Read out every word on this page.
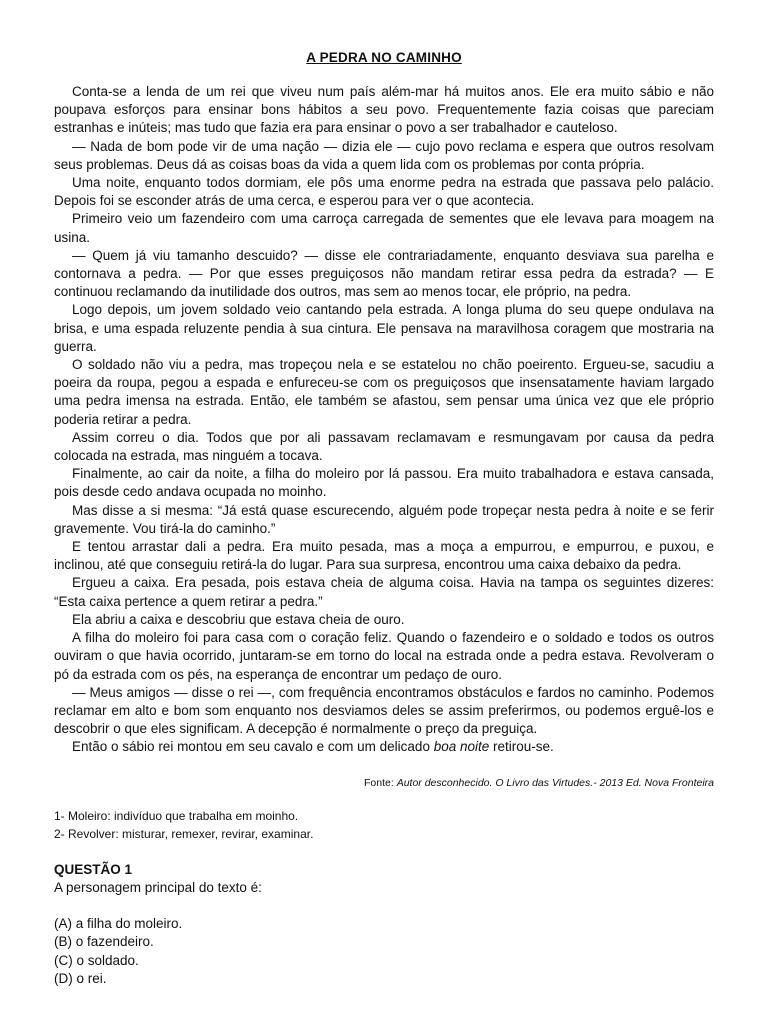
A PEDRA NO CAMINHO

Conta-se a lenda de um rei que viveu num país além-mar há muitos anos. Ele era muito sábio e não poupava esforços para ensinar bons hábitos a seu povo. Frequentemente fazia coisas que pareciam estranhas e inúteis; mas tudo que fazia era para ensinar o povo a ser trabalhador e cauteloso.

— Nada de bom pode vir de uma nação — dizia ele — cujo povo reclama e espera que outros resolvam seus problemas. Deus dá as coisas boas da vida a quem lida com os problemas por conta própria.

Uma noite, enquanto todos dormiam, ele pôs uma enorme pedra na estrada que passava pelo palácio. Depois foi se esconder atrás de uma cerca, e esperou para ver o que acontecia.

Primeiro veio um fazendeiro com uma carroça carregada de sementes que ele levava para moagem na usina.

— Quem já viu tamanho descuido? — disse ele contrariadamente, enquanto desviava sua parelha e contornava a pedra. — Por que esses preguiçosos não mandam retirar essa pedra da estrada? — E continuou reclamando da inutilidade dos outros, mas sem ao menos tocar, ele próprio, na pedra.

Logo depois, um jovem soldado veio cantando pela estrada. A longa pluma do seu quepe ondulava na brisa, e uma espada reluzente pendia à sua cintura. Ele pensava na maravilhosa coragem que mostraria na guerra.

O soldado não viu a pedra, mas tropeçou nela e se estatelou no chão poeirento. Ergueu-se, sacudiu a poeira da roupa, pegou a espada e enfureceu-se com os preguiçosos que insensatamente haviam largado uma pedra imensa na estrada. Então, ele também se afastou, sem pensar uma única vez que ele próprio poderia retirar a pedra.

Assim correu o dia. Todos que por ali passavam reclamavam e resmungavam por causa da pedra colocada na estrada, mas ninguém a tocava.

Finalmente, ao cair da noite, a filha do moleiro por lá passou. Era muito trabalhadora e estava cansada, pois desde cedo andava ocupada no moinho.

Mas disse a si mesma: “Já está quase escurecendo, alguém pode tropeçar nesta pedra à noite e se ferir gravemente. Vou tirá-la do caminho.”

E tentou arrastar dali a pedra. Era muito pesada, mas a moça a empurrou, e empurrou, e puxou, e inclinou, até que conseguiu retirá-la do lugar. Para sua surpresa, encontrou uma caixa debaixo da pedra.

Ergueu a caixa. Era pesada, pois estava cheia de alguma coisa. Havia na tampa os seguintes dizeres: “Esta caixa pertence a quem retirar a pedra.”

Ela abriu a caixa e descobriu que estava cheia de ouro.

A filha do moleiro foi para casa com o coração feliz. Quando o fazendeiro e o soldado e todos os outros ouviram o que havia ocorrido, juntaram-se em torno do local na estrada onde a pedra estava. Revolveram o pó da estrada com os pés, na esperança de encontrar um pedaço de ouro.

— Meus amigos — disse o rei —, com frequência encontramos obstáculos e fardos no caminho. Podemos reclamar em alto e bom som enquanto nos desviamos deles se assim preferirmos, ou podemos erguê-los e descobrir o que eles significam. A decepção é normalmente o preço da preguiça.

Então o sábio rei montou em seu cavalo e com um delicado boa noite retirou-se.

Fonte: Autor desconhecido. O Livro das Virtudes.- 2013 Ed. Nova Fronteira
1- Moleiro: indivíduo que trabalha em moinho.
2- Revolver: misturar, remexer, revirar, examinar.
QUESTÃO 1
A personagem principal do texto é:
(A) a filha do moleiro.
(B) o fazendeiro.
(C) o soldado.
(D) o rei.
